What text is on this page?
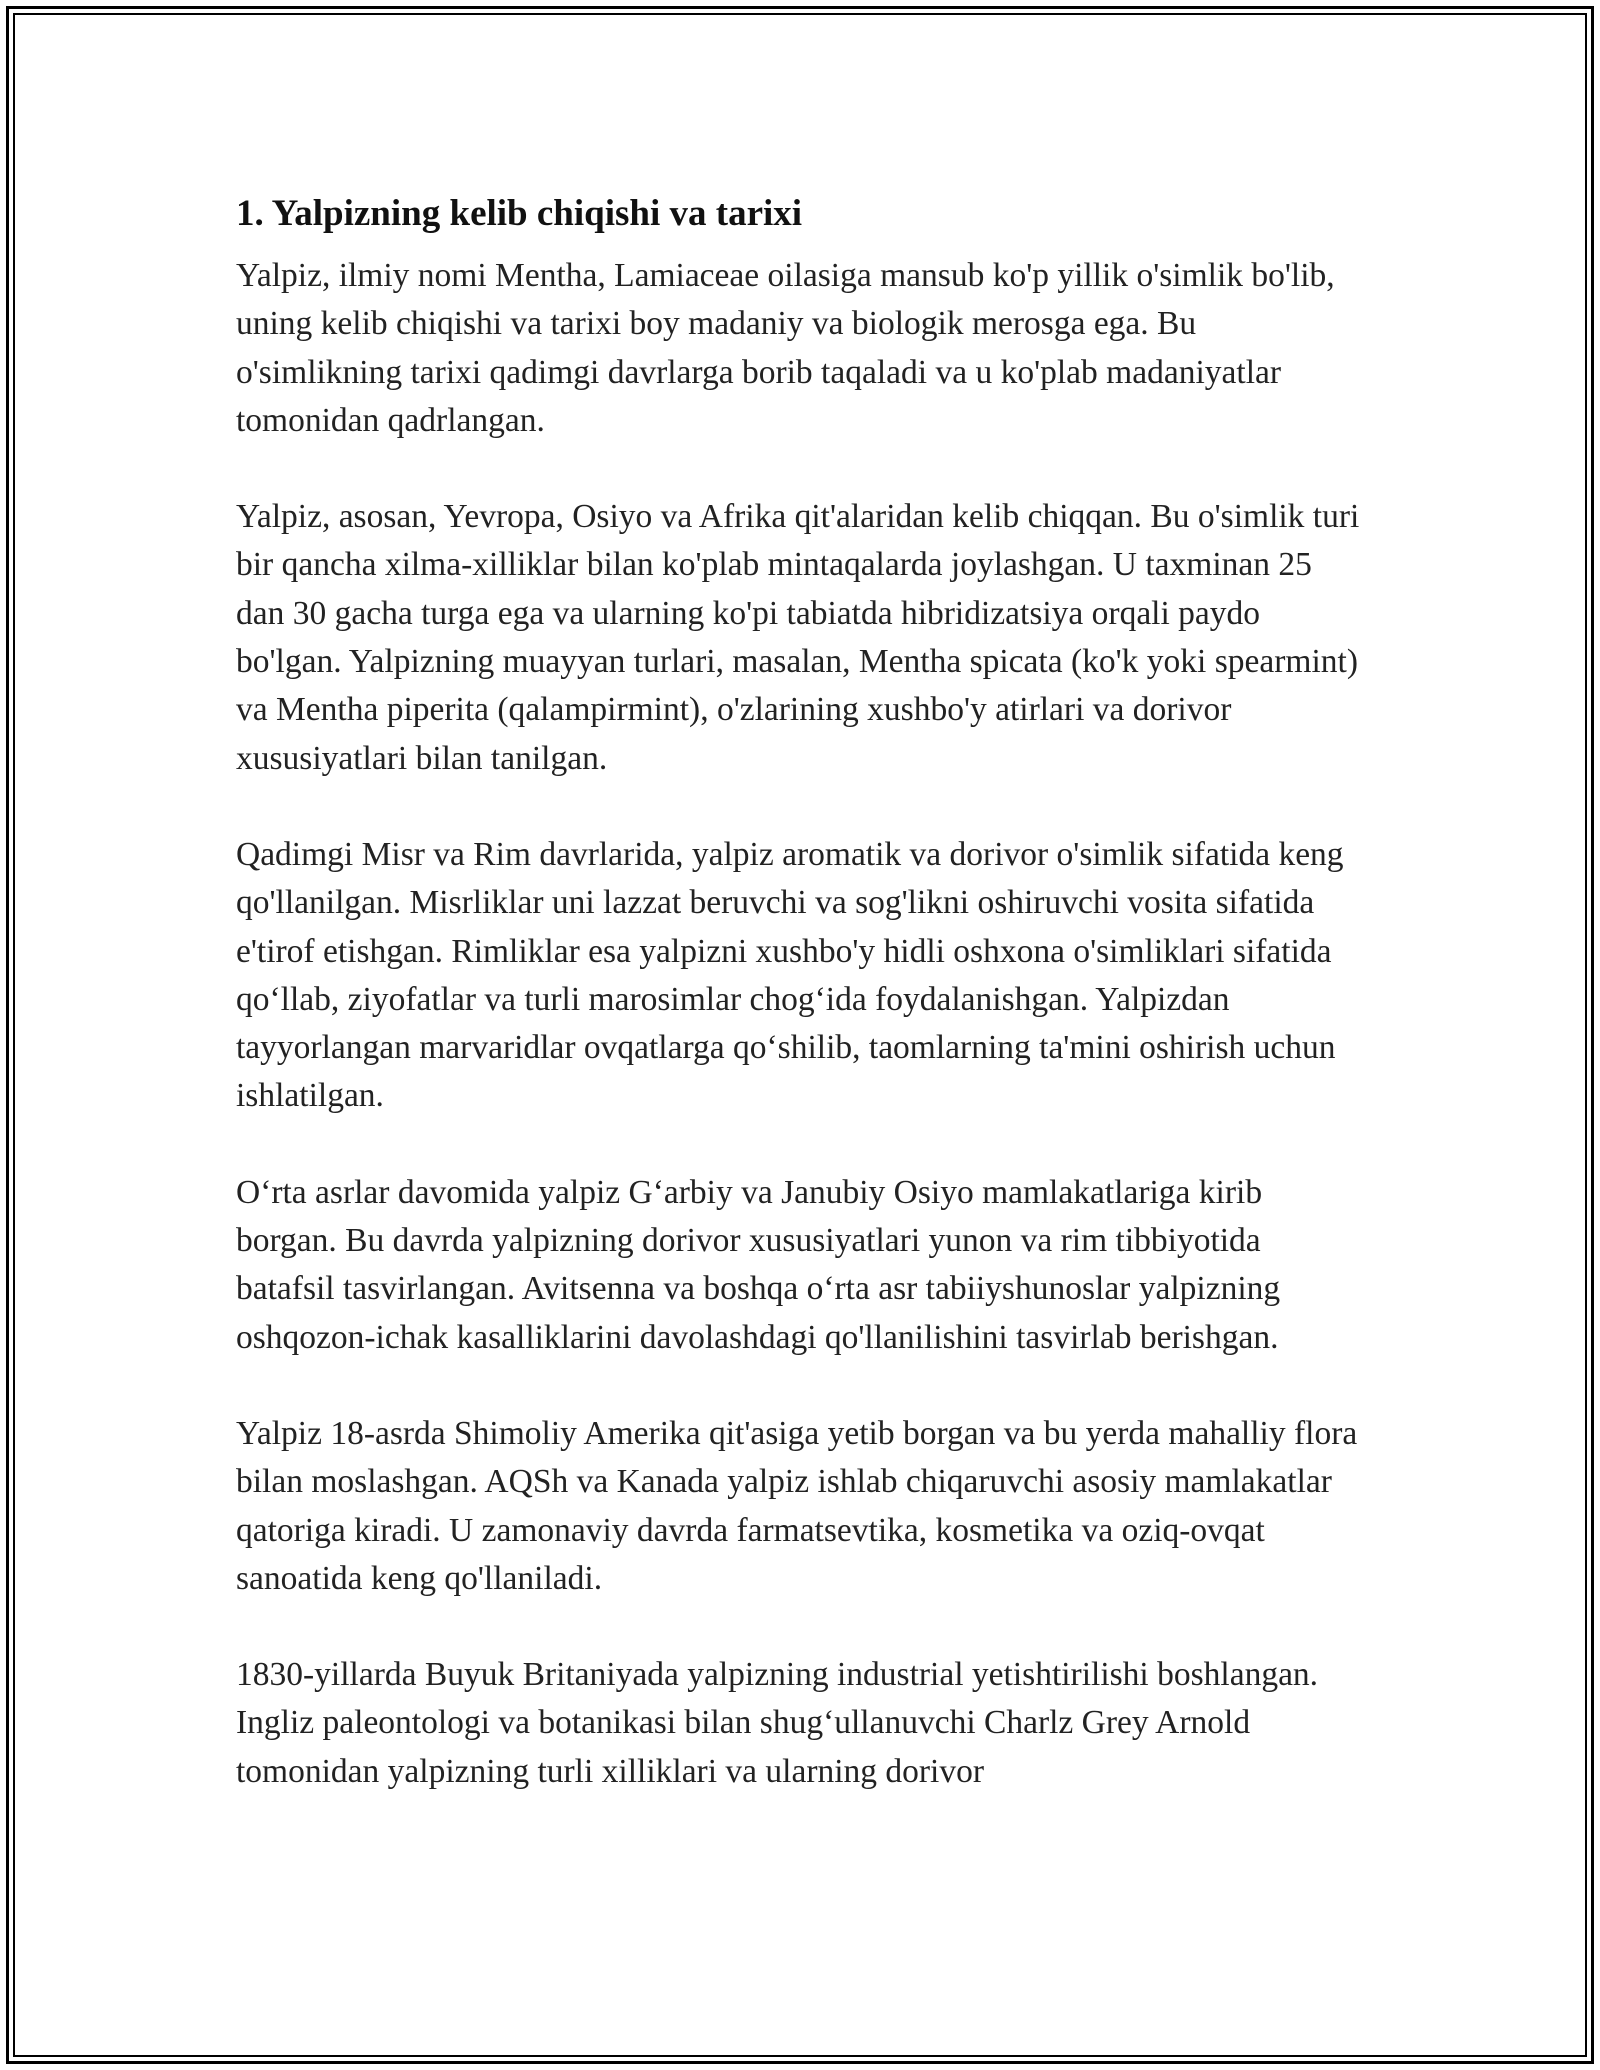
1. Yalpizning kelib chiqishi va tarixi

Yalpiz, ilmiy nomi Mentha, Lamiaceae oilasiga mansub ko'p yillik o'simlik bo'lib, uning kelib chiqishi va tarixi boy madaniy va biologik merosga ega. Bu o'simlikning tarixi qadimgi davrlarga borib taqaladi va u ko'plab madaniyatlar tomonidan qadrlangan.

Yalpiz, asosan, Yevropa, Osiyo va Afrika qit'alaridan kelib chiqqan. Bu o'simlik turi bir qancha xilma-xilliklar bilan ko'plab mintaqalarda joylashgan. U taxminan 25 dan 30 gacha turga ega va ularning ko'pi tabiatda hibridizatsiya orqali paydo bo'lgan. Yalpizning muayyan turlari, masalan, Mentha spicata (ko'k yoki spearmint) va Mentha piperita (qalampirmint), o'zlarining xushbo'y atirlari va dorivor xususiyatlari bilan tanilgan.

Qadimgi Misr va Rim davrlarida, yalpiz aromatik va dorivor o'simlik sifatida keng qo'llanilgan. Misrliklar uni lazzat beruvchi va sog'likni oshiruvchi vosita sifatida e'tirof etishgan. Rimliklar esa yalpizni xushbo'y hidli oshxona o'simliklari sifatida qo‘llab, ziyofatlar va turli marosimlar chog‘ida foydalanishgan. Yalpizdan tayyorlangan marvaridlar ovqatlarga qo‘shilib, taomlarning ta'mini oshirish uchun ishlatilgan.

O‘rta asrlar davomida yalpiz G‘arbiy va Janubiy Osiyo mamlakatlariga kirib borgan. Bu davrda yalpizning dorivor xususiyatlari yunon va rim tibbiyotida batafsil tasvirlangan. Avitsenna va boshqa o‘rta asr tabiiyshunoslar yalpizning oshqozon-ichak kasalliklarini davolashdagi qo'llanilishini tasvirlab berishgan.

Yalpiz 18-asrda Shimoliy Amerika qit'asiga yetib borgan va bu yerda mahalliy flora bilan moslashgan. AQSh va Kanada yalpiz ishlab chiqaruvchi asosiy mamlakatlar qatoriga kiradi. U zamonaviy davrda farmatsevtika, kosmetika va oziq-ovqat sanoatida keng qo'llaniladi.

1830-yillarda Buyuk Britaniyada yalpizning industrial yetishtirilishi boshlangan. Ingliz paleontologi va botanikasi bilan shug‘ullanuvchi Charlz Grey Arnold tomonidan yalpizning turli xilliklari va ularning dorivor
